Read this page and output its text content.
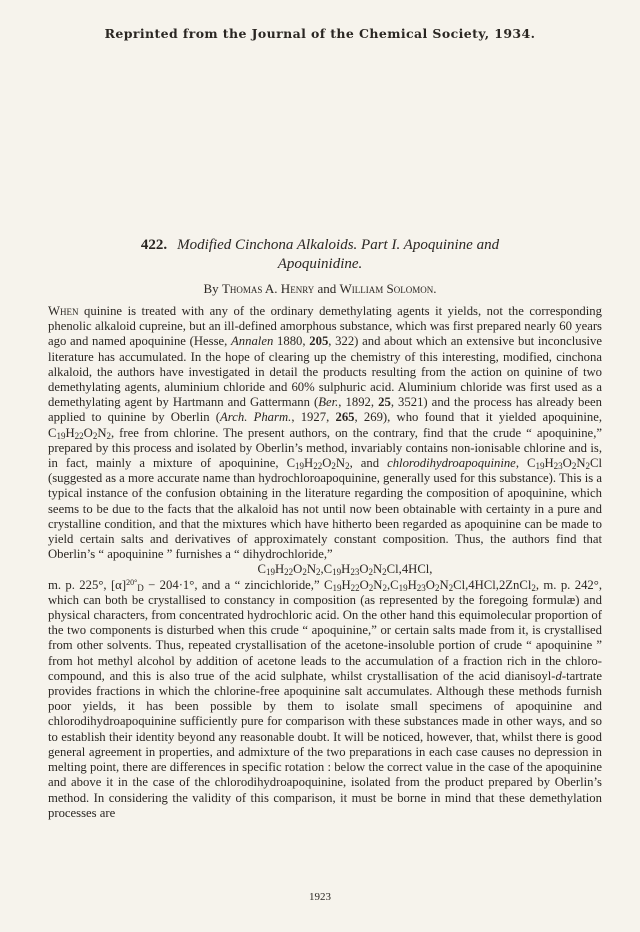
Reprinted from the Journal of the Chemical Society, 1934.
422. Modified Cinchona Alkaloids. Part I. Apoquinine and
Apoquinidine.
By Thomas A. Henry and William Solomon.

When quinine is treated with any of the ordinary demethylating agents it yields, not the corresponding phenolic alkaloid cupreine, but an ill-defined amorphous substance, which was first prepared nearly 60 years ago and named apoquinine (Hesse, Annalen 1880, 205, 322) and about which an extensive but inconclusive literature has accumulated. In the hope of clearing up the chemistry of this interesting, modified, cinchona alkaloid, the authors have investigated in detail the products resulting from the action on quinine of two demethylating agents, aluminium chloride and 60% sulphuric acid. Aluminium chloride was first used as a demethylating agent by Hartmann and Gattermann (Ber., 1892, 25, 3521) and the process has already been applied to quinine by Oberlin (Arch. Pharm., 1927, 265, 269), who found that it yielded apoquinine, $C_{19}H_{22}O_2N_2$, free from chlorine. The present authors, on the contrary, find that the crude “ apoquinine,” prepared by this process and isolated by Oberlin’s method, invariably contains non-ionisable chlorine and is, in fact, mainly a mixture of apoquinine, $C_{19}H_{22}O_2N_2$, and chlorodihydroapoquinine, $C_{19}H_{23}O_2N_2Cl$ (suggested as a more accurate name than hydrochloroapoquinine, generally used for this substance). This is a typical instance of the confusion obtaining in the literature regarding the composition of apoquinine, which seems to be due to the facts that the alkaloid has not until now been obtainable with certainty in a pure and crystalline condition, and that the mixtures which have hitherto been regarded as apoquinine can be made to yield certain salts and derivatives of approximately constant composition. Thus, the authors find that Oberlin’s “ apoquinine ” furnishes a “ dihydrochloride,”

$C_{19}H_{22}O_2N_2,C_{19}H_{23}O_2N_2Cl,4HCl$,

m. p. 225°, $[\alpha]^{20^\circ}_D - 204\cdot 1^\circ$, and a “ zincichloride,” $C_{19}H_{22}O_2N_2,C_{19}H_{23}O_2N_2Cl,4HCl,2ZnCl_2$, m. p. 242°, which can both be crystallised to constancy in composition (as represented by the foregoing formulæ) and physical characters, from concentrated hydrochloric acid. On the other hand this equimolecular proportion of the two components is disturbed when this crude “ apoquinine,” or certain salts made from it, is crystallised from other solvents. Thus, repeated crystallisation of the acetone-insoluble portion of crude “ apoquinine ” from hot methyl alcohol by addition of acetone leads to the accumulation of a fraction rich in the chloro-compound, and this is also true of the acid sulphate, whilst crystallisation of the acid dianisoyl-d-tartrate provides fractions in which the chlorine-free apoquinine salt accumulates. Although these methods furnish poor yields, it has been possible by them to isolate small specimens of apoquinine and chlorodihydroapoquinine sufficiently pure for comparison with these substances made in other ways, and so to establish their identity beyond any reasonable doubt. It will be noticed, however, that, whilst there is good general agreement in properties, and admixture of the two preparations in each case causes no depression in melting point, there are differences in specific rotation : below the correct value in the case of the apoquinine and above it in the case of the chlorodihydroapoquinine, isolated from the product prepared by Oberlin’s method. In considering the validity of this comparison, it must be borne in mind that these demethylation processes are

1923
